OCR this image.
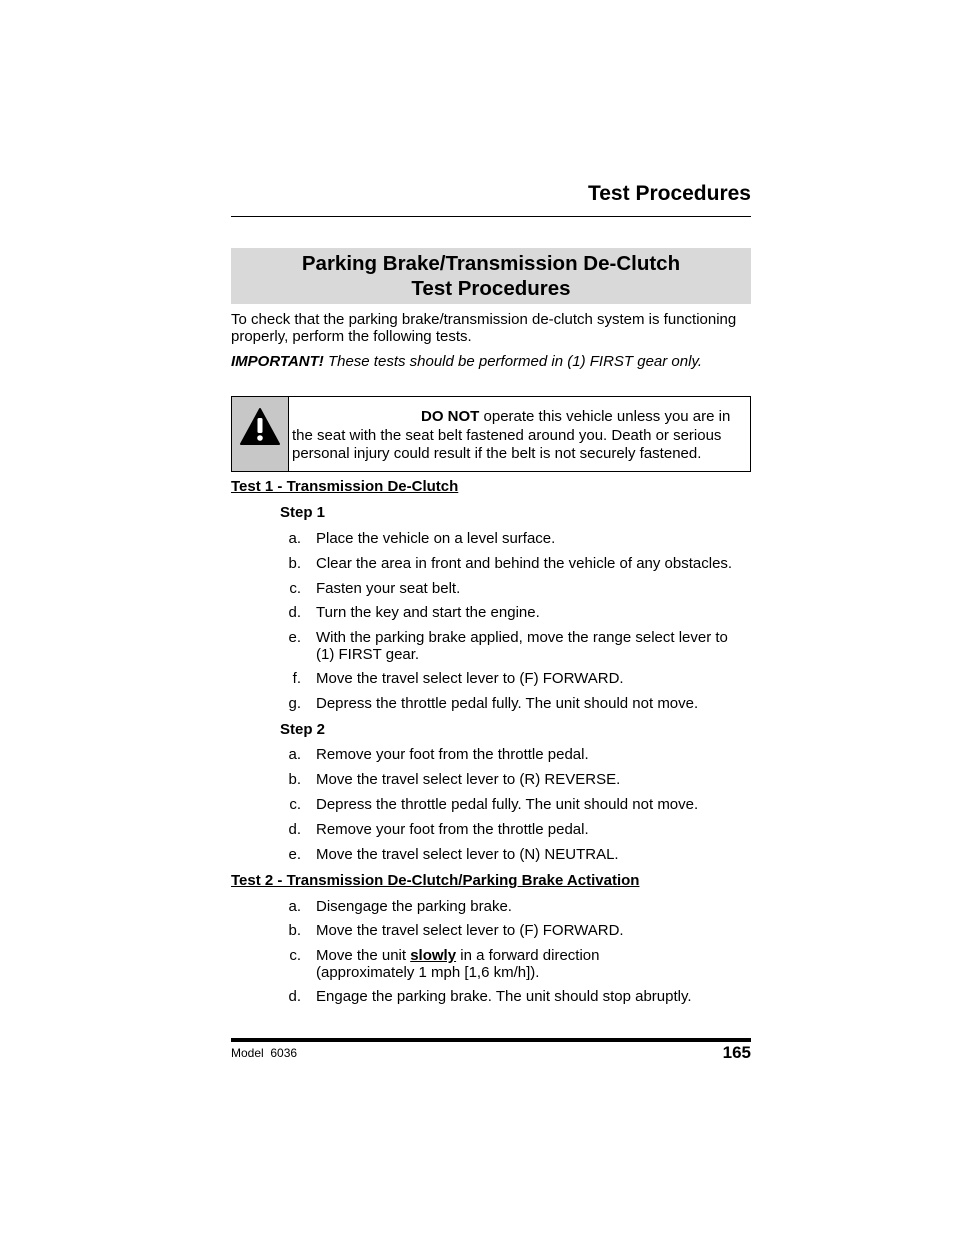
Test Procedures
Parking Brake/Transmission De-Clutch
Test Procedures

To check that the parking brake/transmission de-clutch system is functioning properly, perform the following tests.

IMPORTANT! These tests should be performed in (1) FIRST gear only.

DO NOT operate this vehicle unless you are in
the seat with the seat belt fastened around you. Death or serious
personal injury could result if the belt is not securely fastened.

Test 1 - Transmission De-Clutch

Step 1

a. Place the vehicle on a level surface.
b. Clear the area in front and behind the vehicle of any obstacles.
c. Fasten your seat belt.
d. Turn the key and start the engine.
e. With the parking brake applied, move the range select lever to
(1) FIRST gear.
f. Move the travel select lever to (F) FORWARD.
g. Depress the throttle pedal fully. The unit should not move.

Step 2

a. Remove your foot from the throttle pedal.
b. Move the travel select lever to (R) REVERSE.
c. Depress the throttle pedal fully. The unit should not move.
d. Remove your foot from the throttle pedal.
e. Move the travel select lever to (N) NEUTRAL.

Test 2 - Transmission De-Clutch/Parking Brake Activation

a. Disengage the parking brake.
b. Move the travel select lever to (F) FORWARD.
c. Move the unit slowly in a forward direction
(approximately 1 mph [1,6 km/h]).
d. Engage the parking brake. The unit should stop abruptly.
Model  6036	165
